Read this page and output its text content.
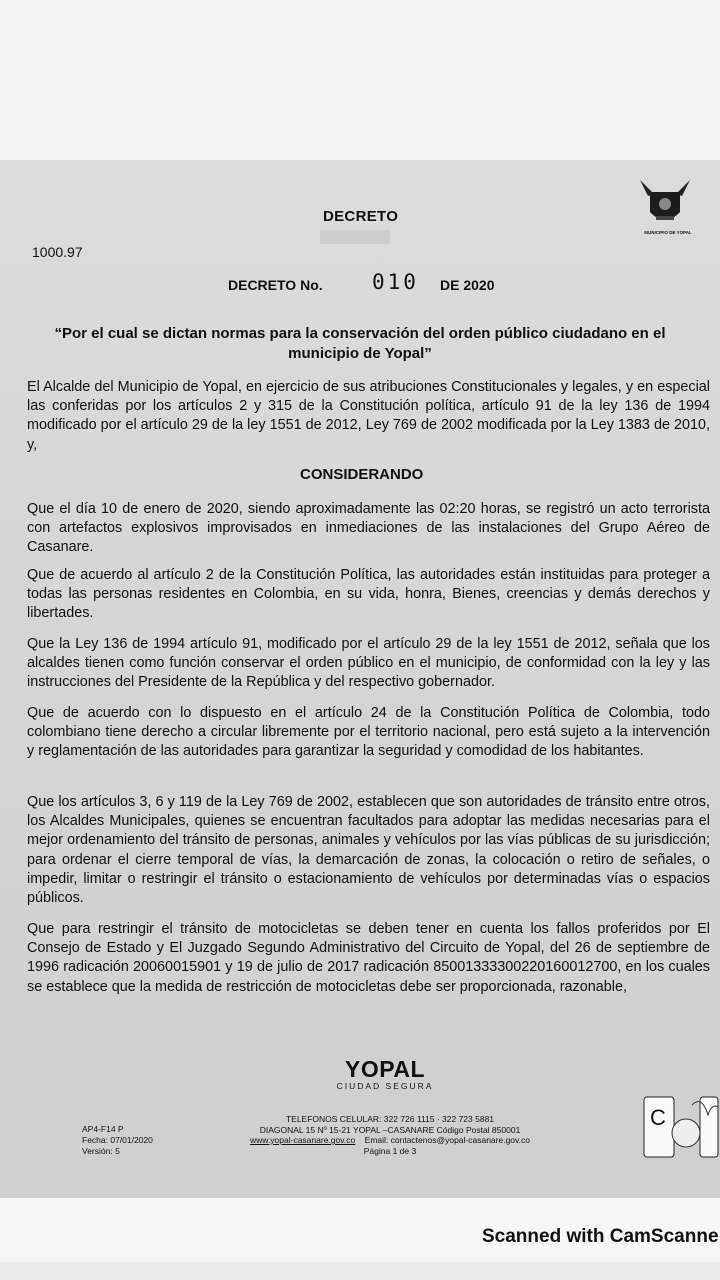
MUNICIPIO DE YOPAL
DECRETO
1000.97
DECRETO No. 010 DE 2020
“Por el cual se dictan normas para la conservación del orden público ciudadano en el municipio de Yopal”
El Alcalde del Municipio de Yopal, en ejercicio de sus atribuciones Constitucionales y legales, y en especial las conferidas por los artículos 2 y 315 de la Constitución política, artículo 91 de la ley 136 de 1994 modificado por el artículo 29 de la ley 1551 de 2012, Ley 769 de 2002 modificada por la Ley 1383 de 2010, y,
CONSIDERANDO
Que el día 10 de enero de 2020, siendo aproximadamente las 02:20 horas, se registró un acto terrorista con artefactos explosivos improvisados en inmediaciones de las instalaciones del Grupo Aéreo de Casanare.
Que de acuerdo al artículo 2 de la Constitución Política, las autoridades están instituidas para proteger a todas las personas residentes en Colombia, en su vida, honra, Bienes, creencias y demás derechos y libertades.
Que la Ley 136 de 1994 artículo 91, modificado por el artículo 29 de la ley 1551 de 2012, señala que los alcaldes tienen como función conservar el orden público en el municipio, de conformidad con la ley y las instrucciones del Presidente de la República y del respectivo gobernador.
Que de acuerdo con lo dispuesto en el artículo 24 de la Constitución Política de Colombia, todo colombiano tiene derecho a circular libremente por el territorio nacional, pero está sujeto a la intervención y reglamentación de las autoridades para garantizar la seguridad y comodidad de los habitantes.
Que los artículos 3, 6 y 119 de la Ley 769 de 2002, establecen que son autoridades de tránsito entre otros, los Alcaldes Municipales, quienes se encuentran facultados para adoptar las medidas necesarias para el mejor ordenamiento del tránsito de personas, animales y vehículos por las vías públicas de su jurisdicción; para ordenar el cierre temporal de vías, la demarcación de zonas, la colocación o retiro de señales, o impedir, limitar o restringir el tránsito o estacionamiento de vehículos por determinadas vías o espacios públicos.
Que para restringir el tránsito de motocicletas se deben tener en cuenta los fallos proferidos por El Consejo de Estado y El Juzgado Segundo Administrativo del Circuito de Yopal, del 26 de septiembre de 1996 radicación 20060015901 y 19 de julio de 2017 radicación 85001333300220160012700, en los cuales se establece que la medida de restricción de motocicletas debe ser proporcionada, razonable,
YOPAL
CIUDAD SEGURA
AP4-F14 P
Fecha: 07/01/2020
Versión: 5
TELEFONOS CELULAR: 322 726 1115 · 322 723 5881
DIAGONAL 15 Nº 15-21 YOPAL –CASANARE Código Postal 850001
www.yopal-casanare.gov.co Email: contactenos@yopal-casanare.gov.co
Página 1 de 3
C
Scanned with CamScanne
